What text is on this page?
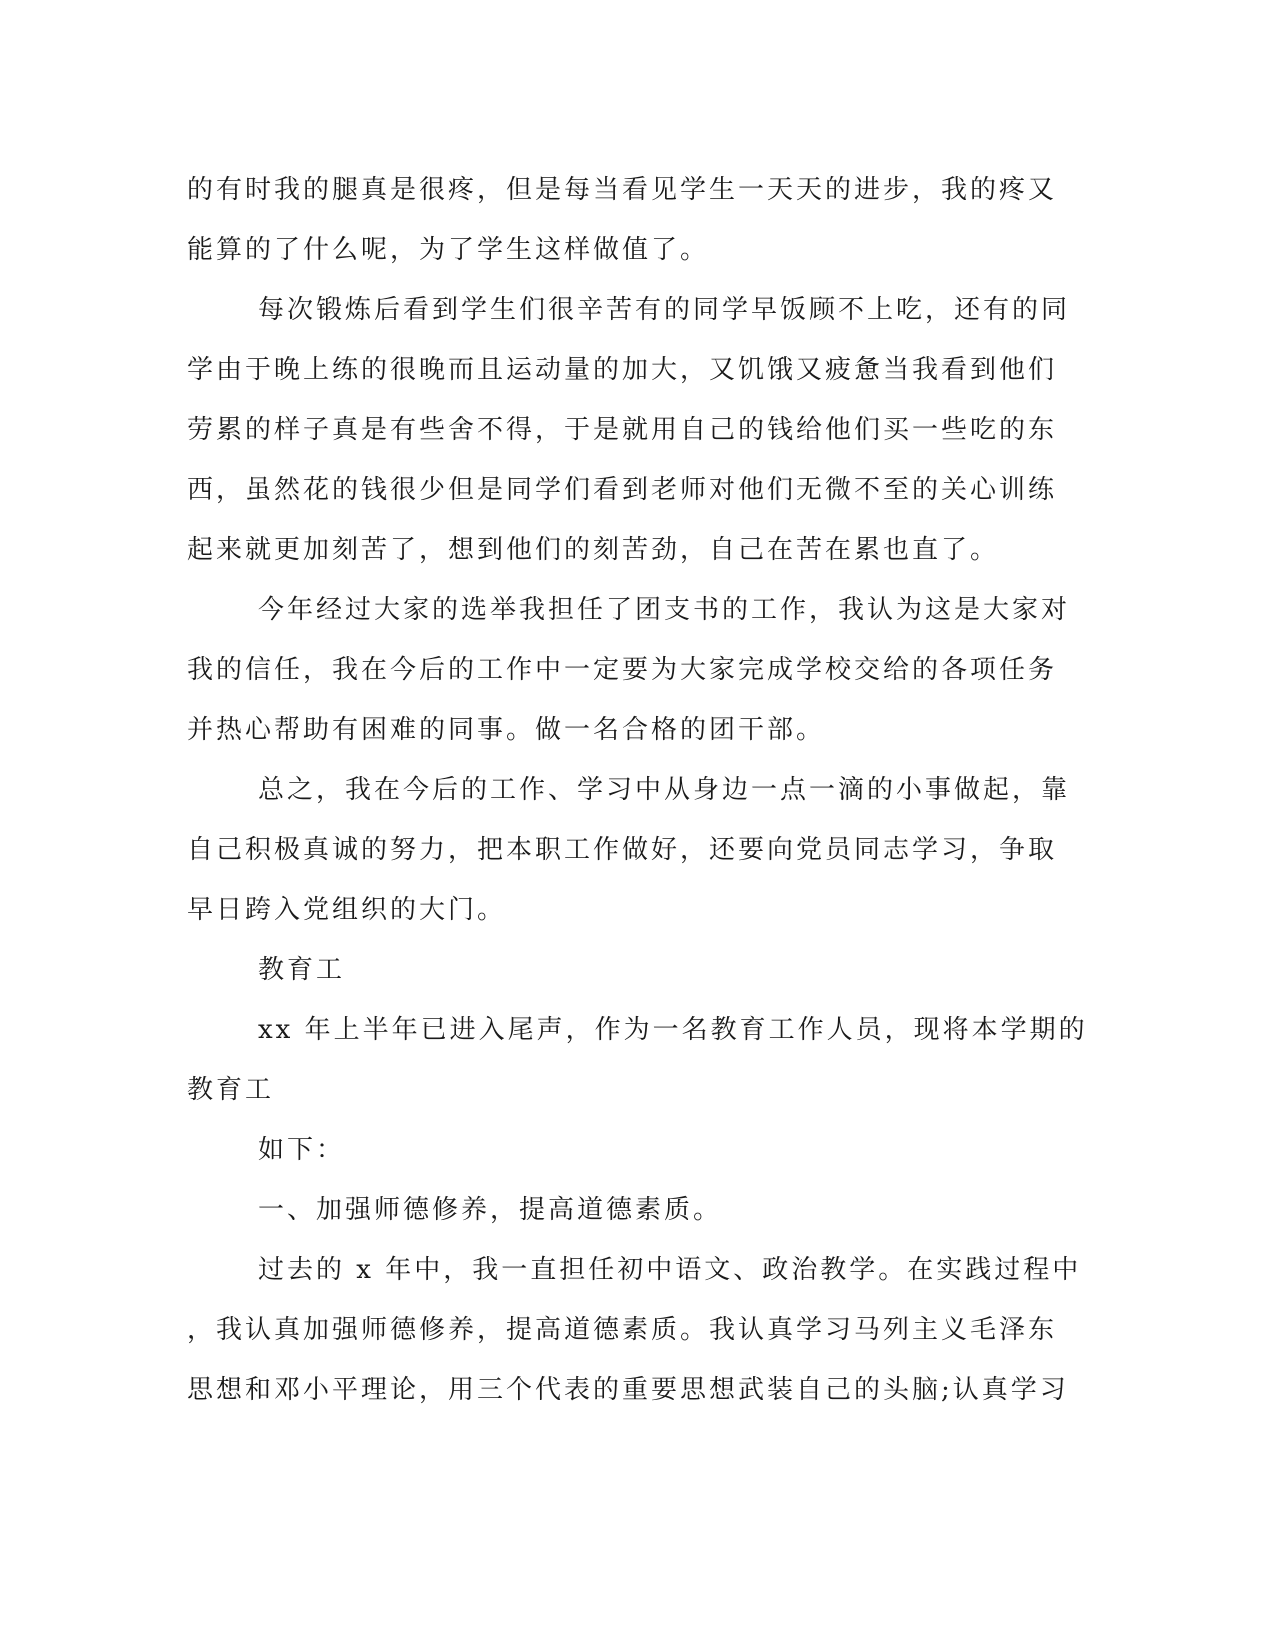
的有时我的腿真是很疼，但是每当看见学生一天天的进步，我的疼又
能算的了什么呢，为了学生这样做值了。

每次锻炼后看到学生们很辛苦有的同学早饭顾不上吃，还有的同

学由于晚上练的很晚而且运动量的加大，又饥饿又疲惫当我看到他们
劳累的样子真是有些舍不得，于是就用自己的钱给他们买一些吃的东
西，虽然花的钱很少但是同学们看到老师对他们无微不至的关心训练
起来就更加刻苦了，想到他们的刻苦劲，自己在苦在累也直了。

今年经过大家的选举我担任了团支书的工作，我认为这是大家对

我的信任，我在今后的工作中一定要为大家完成学校交给的各项任务
并热心帮助有困难的同事。做一名合格的团干部。

总之，我在今后的工作、学习中从身边一点一滴的小事做起，靠

自己积极真诚的努力，把本职工作做好，还要向党员同志学习，争取
早日跨入党组织的大门。

教育工

xx 年上半年已进入尾声，作为一名教育工作人员，现将本学期的

教育工

如下：

一、加强师德修养，提高道德素质。

过去的 x 年中，我一直担任初中语文、政治教学。在实践过程中

，我认真加强师德修养，提高道德素质。我认真学习马列主义毛泽东
思想和邓小平理论，用三个代表的重要思想武装自己的头脑;认真学习
